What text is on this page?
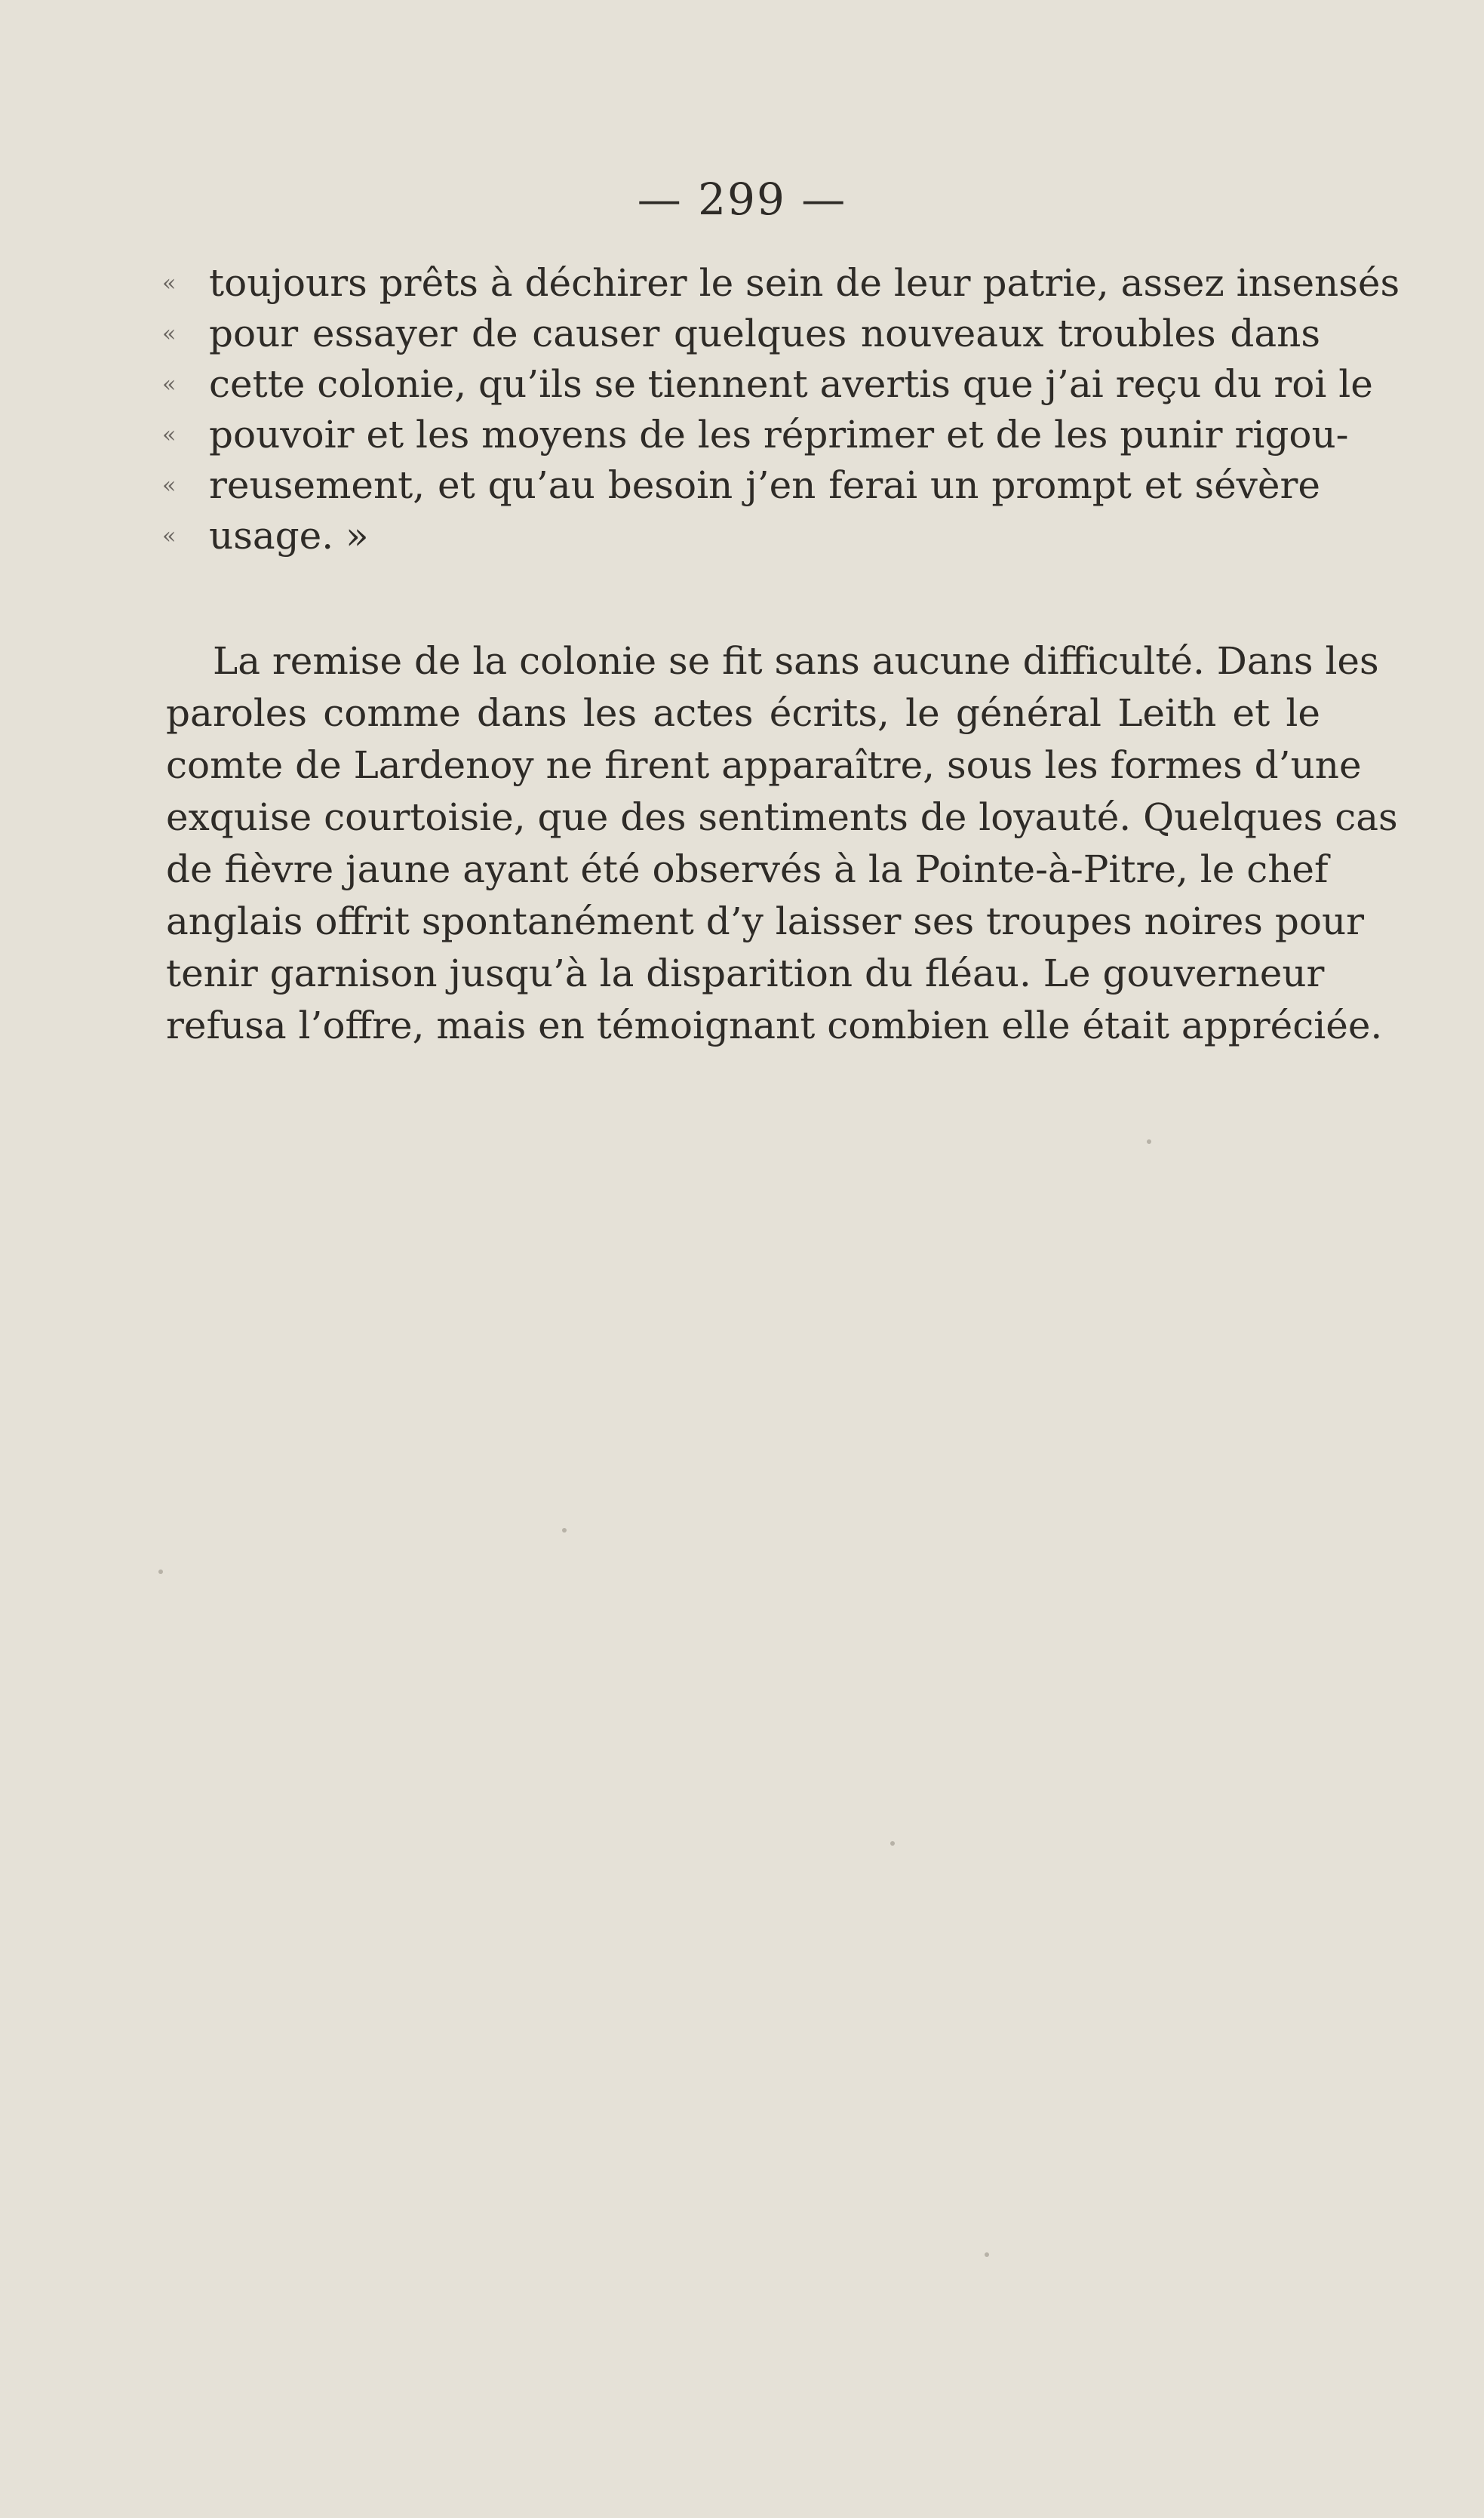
— 299 —
« toujours prêts à déchirer le sein de leur patrie, assez insensés
« pour essayer de causer quelques nouveaux troubles dans
« cette colonie, qu’ils se tiennent avertis que j’ai reçu du roi le
« pouvoir et les moyens de les réprimer et de les punir rigou-
« reusement, et qu’au besoin j’en ferai un prompt et sévère
« usage. »
La remise de la colonie se fit sans aucune difficulté. Dans les
paroles comme dans les actes écrits, le général Leith et le
comte de Lardenoy ne firent apparaître, sous les formes d’une
exquise courtoisie, que des sentiments de loyauté. Quelques cas
de fièvre jaune ayant été observés à la Pointe-à-Pitre, le chef
anglais offrit spontanément d’y laisser ses troupes noires pour
tenir garnison jusqu’à la disparition du fléau. Le gouverneur
refusa l’offre, mais en témoignant combien elle était appréciée.
